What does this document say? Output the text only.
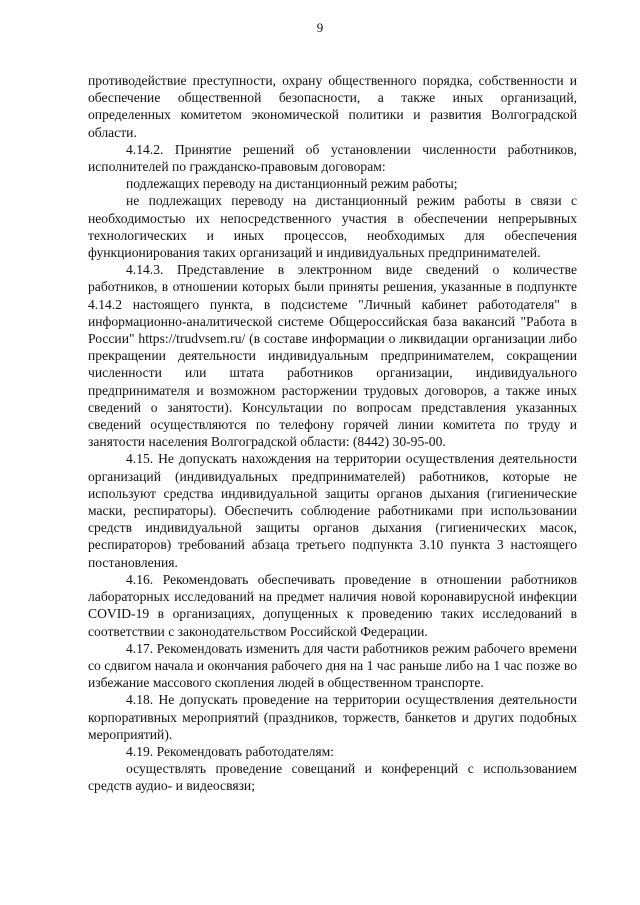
9

противодействие преступности, охрану общественного порядка, собственности и обеспечение общественной безопасности, а также иных организаций, определенных комитетом экономической политики и развития Волгоградской области.

4.14.2. Принятие решений об установлении численности работников, исполнителей по гражданско-правовым договорам:

подлежащих переводу на дистанционный режим работы;

не подлежащих переводу на дистанционный режим работы в связи с необходимостью их непосредственного участия в обеспечении непрерывных технологических и иных процессов, необходимых для обеспечения функционирования таких организаций и индивидуальных предпринимателей.

4.14.3. Представление в электронном виде сведений о количестве работников, в отношении которых были приняты решения, указанные в подпункте 4.14.2 настоящего пункта, в подсистеме "Личный кабинет работодателя" в информационно-аналитической системе Общероссийская база вакансий "Работа в России" https://trudvsem.ru/ (в составе информации о ликвидации организации либо прекращении деятельности индивидуальным предпринимателем, сокращении численности или штата работников организации, индивидуального предпринимателя и возможном расторжении трудовых договоров, а также иных сведений о занятости). Консультации по вопросам представления указанных сведений осуществляются по телефону горячей линии комитета по труду и занятости населения Волгоградской области: (8442) 30-95-00.

4.15. Не допускать нахождения на территории осуществления деятельности организаций (индивидуальных предпринимателей) работников, которые не используют средства индивидуальной защиты органов дыхания (гигиенические маски, респираторы). Обеспечить соблюдение работниками при использовании средств индивидуальной защиты органов дыхания (гигиенических масок, респираторов) требований абзаца третьего подпункта 3.10 пункта 3 настоящего постановления.

4.16. Рекомендовать обеспечивать проведение в отношении работников лабораторных исследований на предмет наличия новой коронавирусной инфекции COVID-19 в организациях, допущенных к проведению таких исследований в соответствии с законодательством Российской Федерации.

4.17. Рекомендовать изменить для части работников режим рабочего времени со сдвигом начала и окончания рабочего дня на 1 час раньше либо на 1 час позже во избежание массового скопления людей в общественном транспорте.

4.18. Не допускать проведение на территории осуществления деятельности корпоративных мероприятий (праздников, торжеств, банкетов и других подобных мероприятий).

4.19. Рекомендовать работодателям:

осуществлять проведение совещаний и конференций с использованием средств аудио- и видеосвязи;
